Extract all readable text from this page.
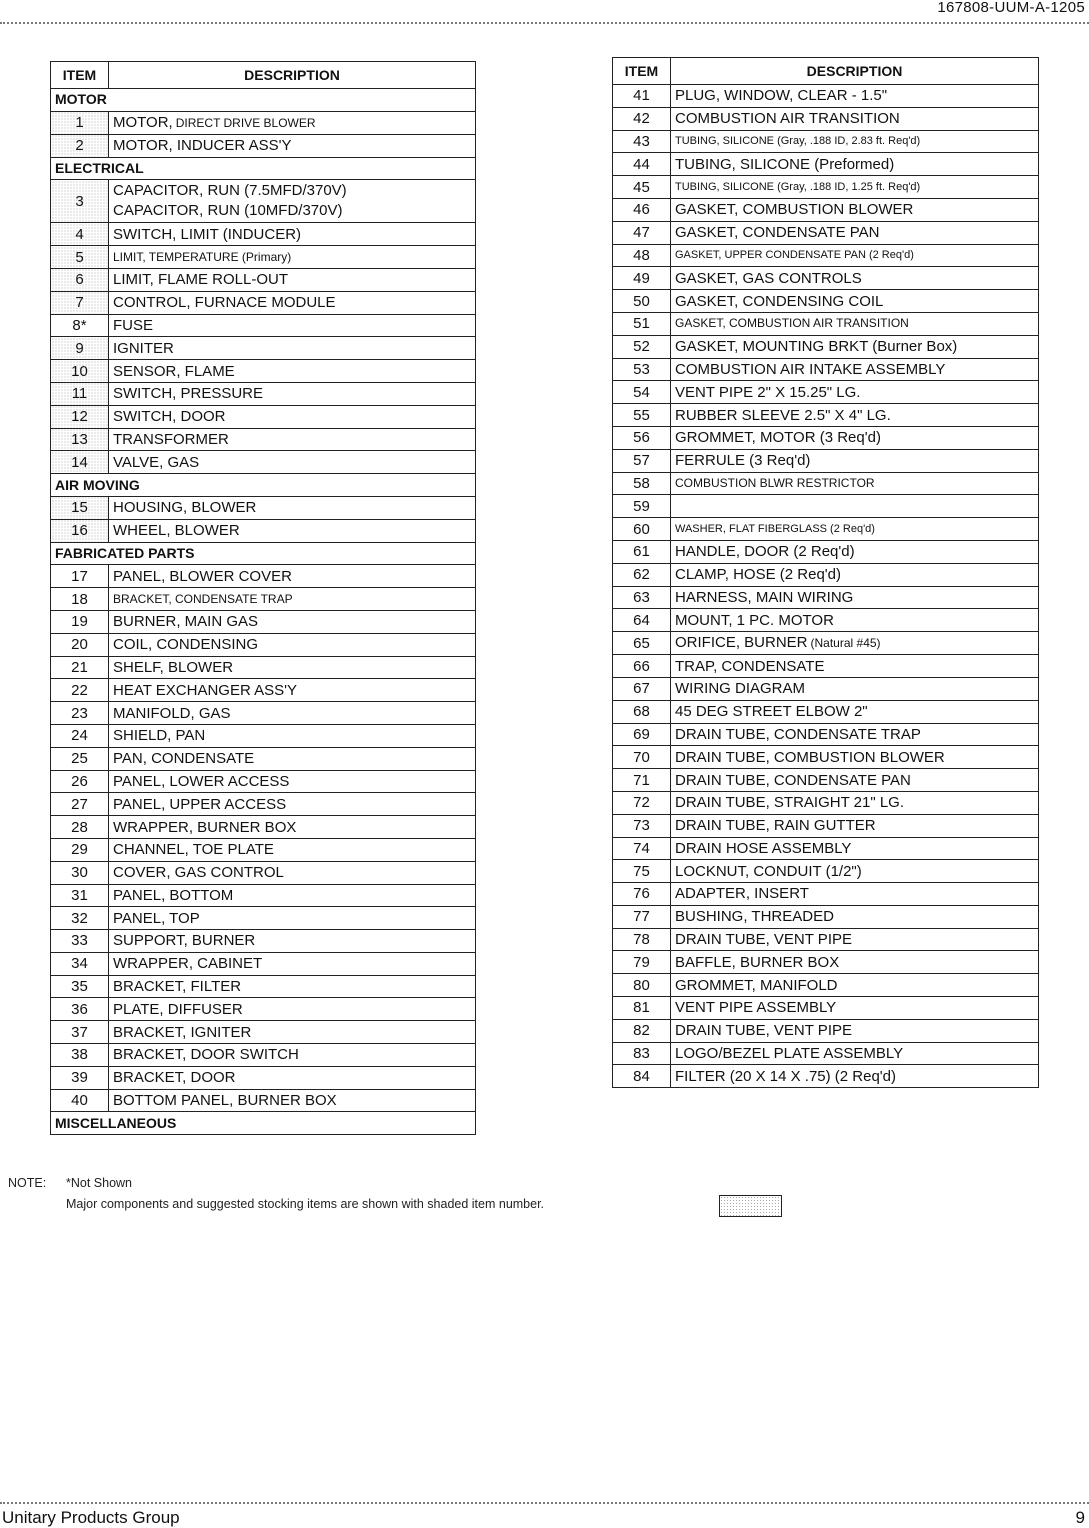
167808-UUM-A-1205
ITEM	DESCRIPTION
MOTOR	
1	MOTOR, DIRECT DRIVE BLOWER
2	MOTOR, INDUCER ASS'Y
ELECTRICAL	
3	CAPACITOR, RUN (7.5MFD/370V)
CAPACITOR, RUN (10MFD/370V)

4	SWITCH, LIMIT (INDUCER)
5	LIMIT, TEMPERATURE (Primary)
6	LIMIT, FLAME ROLL-OUT
7	CONTROL, FURNACE MODULE
8*	FUSE
9	IGNITER
10	SENSOR, FLAME
11	SWITCH, PRESSURE
12	SWITCH, DOOR
13	TRANSFORMER
14	VALVE, GAS
AIR MOVING	
15	HOUSING, BLOWER
16	WHEEL, BLOWER
FABRICATED PARTS	
17	PANEL, BLOWER COVER
18	BRACKET, CONDENSATE TRAP
19	BURNER, MAIN GAS
20	COIL, CONDENSING
21	SHELF, BLOWER
22	HEAT EXCHANGER ASS'Y
23	MANIFOLD, GAS
24	SHIELD, PAN
25	PAN, CONDENSATE
26	PANEL, LOWER ACCESS
27	PANEL, UPPER ACCESS
28	WRAPPER, BURNER BOX
29	CHANNEL, TOE PLATE
30	COVER, GAS CONTROL
31	PANEL, BOTTOM
32	PANEL, TOP
33	SUPPORT, BURNER
34	WRAPPER, CABINET
35	BRACKET, FILTER
36	PLATE, DIFFUSER
37	BRACKET, IGNITER
38	BRACKET, DOOR SWITCH
39	BRACKET, DOOR
40	BOTTOM PANEL, BURNER BOX
MISCELLANEOUS	
ITEM	DESCRIPTION
41	PLUG, WINDOW, CLEAR - 1.5"
42	COMBUSTION AIR TRANSITION
43	TUBING, SILICONE (Gray, .188 ID, 2.83 ft. Req'd)
44	TUBING, SILICONE (Preformed)
45	TUBING, SILICONE (Gray, .188 ID, 1.25 ft. Req'd)
46	GASKET, COMBUSTION BLOWER
47	GASKET, CONDENSATE PAN
48	GASKET, UPPER CONDENSATE PAN (2 Req'd)
49	GASKET, GAS CONTROLS
50	GASKET, CONDENSING COIL
51	GASKET, COMBUSTION AIR TRANSITION
52	GASKET, MOUNTING BRKT (Burner Box)
53	COMBUSTION AIR INTAKE ASSEMBLY
54	VENT PIPE 2" X 15.25" LG.
55	RUBBER SLEEVE 2.5" X 4" LG.
56	GROMMET, MOTOR (3 Req'd)
57	FERRULE (3 Req'd)
58	COMBUSTION BLWR RESTRICTOR
59	
60	WASHER, FLAT FIBERGLASS (2 Req'd)
61	HANDLE, DOOR (2 Req'd)
62	CLAMP, HOSE (2 Req'd)
63	HARNESS, MAIN WIRING
64	MOUNT, 1 PC. MOTOR
65	ORIFICE, BURNER (Natural #45)
66	TRAP, CONDENSATE
67	WIRING DIAGRAM
68	45 DEG STREET ELBOW 2"
69	DRAIN TUBE, CONDENSATE TRAP
70	DRAIN TUBE, COMBUSTION BLOWER
71	DRAIN TUBE, CONDENSATE PAN
72	DRAIN TUBE, STRAIGHT 21" LG.
73	DRAIN TUBE, RAIN GUTTER
74	DRAIN HOSE ASSEMBLY
75	LOCKNUT, CONDUIT (1/2")
76	ADAPTER, INSERT
77	BUSHING, THREADED
78	DRAIN TUBE, VENT PIPE
79	BAFFLE, BURNER BOX
80	GROMMET, MANIFOLD
81	VENT PIPE ASSEMBLY
82	DRAIN TUBE, VENT PIPE
83	LOGO/BEZEL PLATE ASSEMBLY
84	FILTER (20 X 14 X .75) (2 Req'd)
NOTE: *Not Shown
Major components and suggested stocking items are shown with shaded item number.
Unitary Products Group	9
